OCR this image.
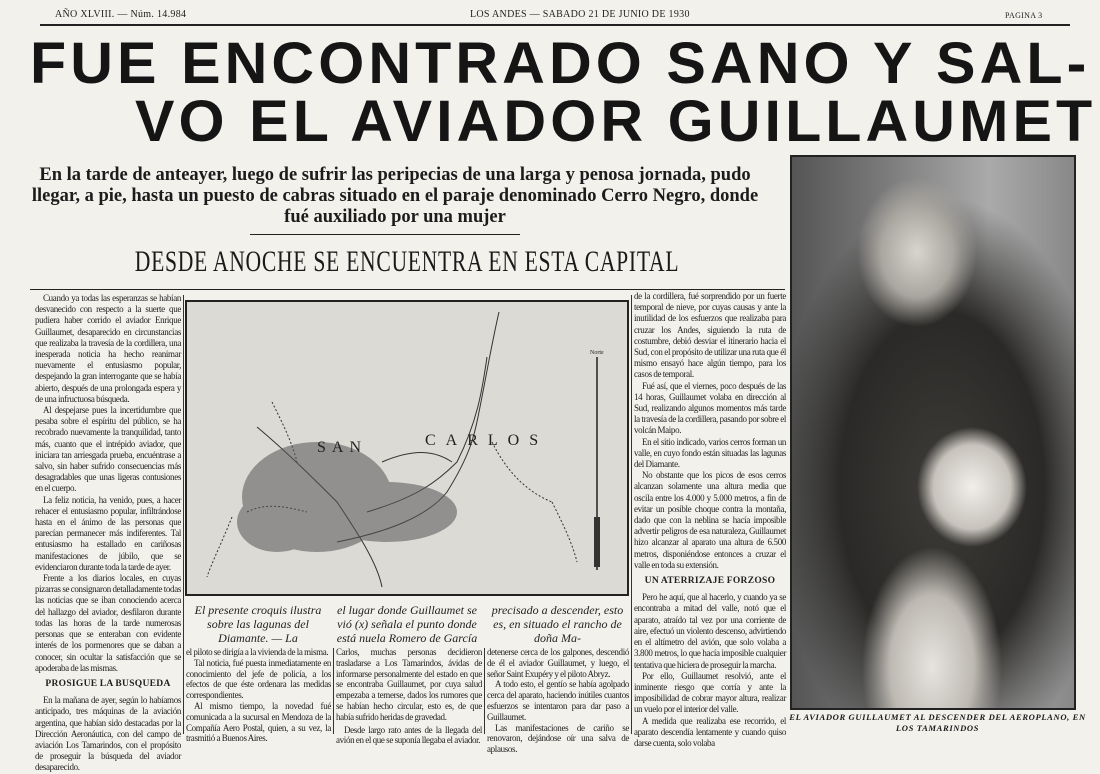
AÑO XLVIII. — Núm. 14.984	LOS ANDES — SABADO 21 DE JUNIO DE 1930	PAGINA 3
FUE ENCONTRADO SANO Y SAL-
VO EL AVIADOR GUILLAUMET
En la tarde de anteayer, luego de sufrir las peripecias de una larga y penosa jornada, pudo llegar, a pie, hasta un puesto de cabras situado en el paraje denominado Cerro Negro, donde fué auxiliado por una mujer
DESDE ANOCHE SE ENCUENTRA EN ESTA CAPITAL

Cuando ya todas las esperanzas se habían desvanecido con respecto a la suerte que pudiera haber corrido el aviador Enrique Guillaumet, desaparecido en circunstancias que realizaba la travesía de la cordillera, una inesperada noticia ha hecho reanimar nuevamente el entusiasmo popular, despejando la gran interrogante que se había abierto, después de una prolongada espera y de una infructuosa búsqueda.

Al despejarse pues la incertidumbre que pesaba sobre el espíritu del público, se ha recobrado nuevamente la tranquilidad, tanto más, cuanto que el intrépido aviador, que iniciara tan arriesgada prueba, encuéntrase a salvo, sin haber sufrido consecuencias más desagradables que unas ligeras contusiones en el cuerpo.

La feliz noticia, ha venido, pues, a hacer rehacer el entusiasmo popular, infiltrándose hasta en el ánimo de las personas que parecían permanecer más indiferentes. Tal entusiasmo ha estallado en cariñosas manifestaciones de júbilo, que se evidenciaron durante toda la tarde de ayer.

Frente a los diarios locales, en cuyas pizarras se consignaron detalladamente todas las noticias que se iban conociendo acerca del hallazgo del aviador, desfilaron durante todas las horas de la tarde numerosas personas que se enteraban con evidente interés de los pormenores que se daban a conocer, sin ocultar la satisfacción que se apoderaba de las mismas.

PROSIGUE LA BUSQUEDA

En la mañana de ayer, según lo habíamos anticipado, tres máquinas de la aviación argentina, que habían sido destacadas por la Dirección Aeronáutica, con del campo de aviación Los Tamarindos, con el propósito de proseguir la búsqueda del aviador desaparecido.

SAN	CARLOS
Norte
El presente croquis ilustra sobre las lagunas del Diamante. — La
el lugar donde Guillaumet se vió (x) señala el punto donde está nuela Romero de García
precisado a descender, esto es, en situado el rancho de doña Ma-

el piloto se dirigía a la vivienda de la misma.

Tal noticia, fué puesta inmediatamente en conocimiento del jefe de policía, a los efectos de que éste ordenara las medidas correspondientes.

Al mismo tiempo, la novedad fué comunicada a la sucursal en Mendoza de la Compañía Aero Postal, quien, a su vez, la trasmitió a Buenos Aires.

Carlos, muchas personas decidieron trasladarse a Los Tamarindos, ávidas de informarse personalmente del estado en que se encontraba Guillaumet, por cuya salud empezaba a temerse, dados los rumores que se habían hecho circular, esto es, de que había sufrido heridas de gravedad.

Desde largo rato antes de la llegada del avión en el que se suponía llegaba el aviador.

detenerse cerca de los galpones, descendió de él el aviador Guillaumet, y luego, el señor Saint Exupéry y el piloto Abryz.

A todo esto, el gentío se había agolpado cerca del aparato, haciendo inútiles cuantos esfuerzos se intentaron para dar paso a Guillaumet.

Las manifestaciones de cariño se renovaron, dejándose oír una salva de aplausos.

de la cordillera, fué sorprendido por un fuerte temporal de nieve, por cuyas causas y ante la inutilidad de los esfuerzos que realizaba para cruzar los Andes, siguiendo la ruta de costumbre, debió desviar el itinerario hacia el Sud, con el propósito de utilizar una ruta que él mismo ensayó hace algún tiempo, para los casos de temporal.

Fué así, que el viernes, poco después de las 14 horas, Guillaumet volaba en dirección al Sud, realizando algunos momentos más tarde la travesía de la cordillera, pasando por sobre el volcán Maipo.

En el sitio indicado, varios cerros forman un valle, en cuyo fondo están situadas las lagunas del Diamante.

No obstante que los picos de esos cerros alcanzan solamente una altura media que oscila entre los 4.000 y 5.000 metros, a fin de evitar un posible choque contra la montaña, dado que con la neblina se hacía imposible advertir peligros de esa naturaleza, Guillaumet hizo alcanzar al aparato una altura de 6.500 metros, disponiéndose entonces a cruzar el valle en toda su extensión.

UN ATERRIZAJE FORZOSO

Pero he aquí, que al hacerlo, y cuando ya se encontraba a mitad del valle, notó que el aparato, atraído tal vez por una corriente de aire, efectuó un violento descenso, advirtiendo en el altímetro del avión, que solo volaba a 3.800 metros, lo que hacía imposible cualquier tentativa que hiciera de proseguir la marcha.

Por ello, Guillaumet resolvió, ante el inminente riesgo que corría y ante la imposibilidad de cobrar mayor altura, realizar un vuelo por el interior del valle.

A medida que realizaba ese recorrido, el aparato descendía lentamente y cuando quiso darse cuenta, solo volaba

EL AVIADOR GUILLAUMET AL DESCENDER DEL AEROPLANO, EN LOS TAMARINDOS
